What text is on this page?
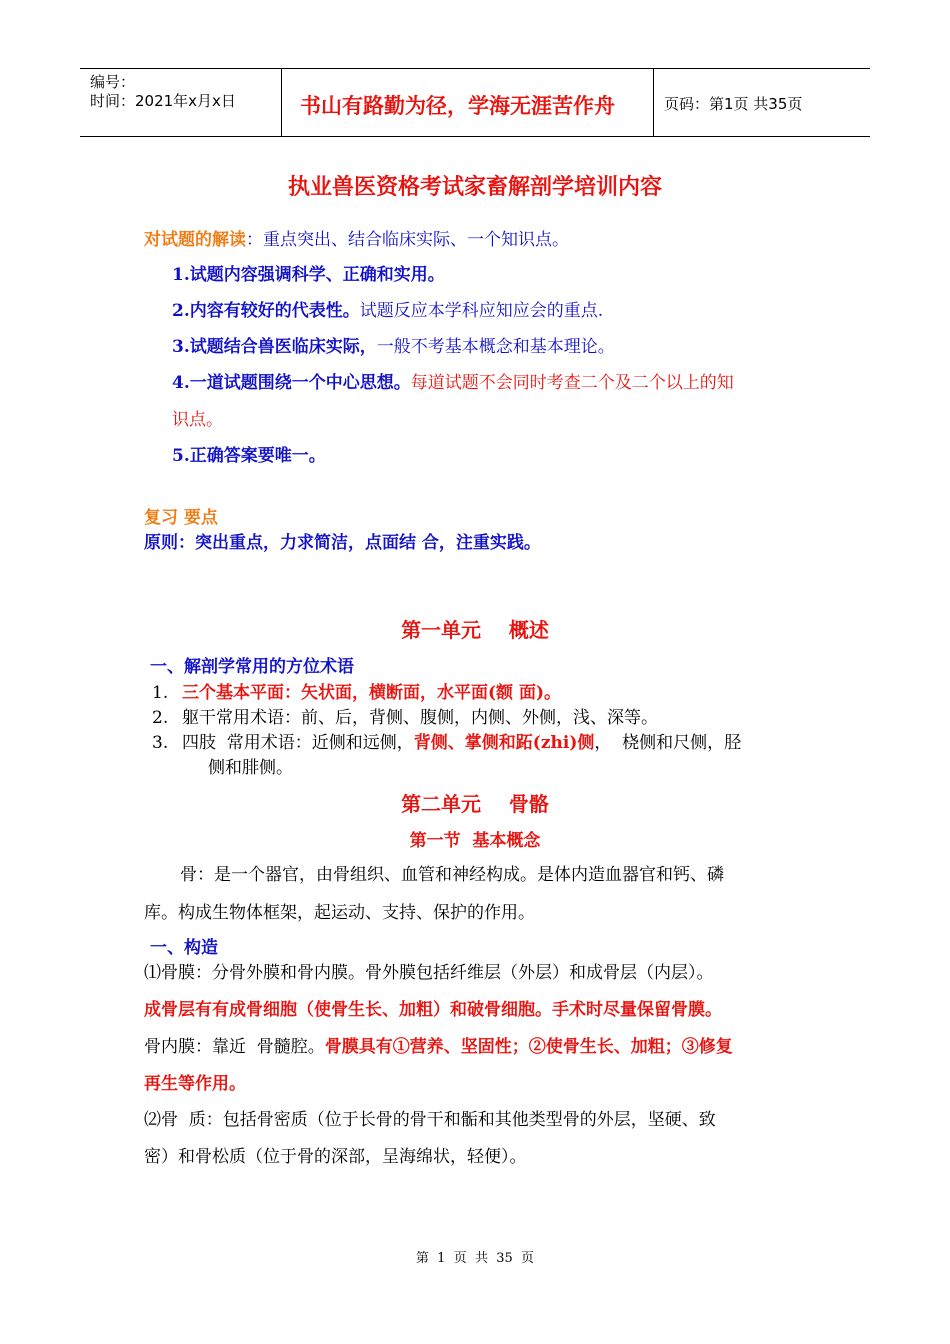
编号：
时间：2021年x月x日	书山有路勤为径，学海无涯苦作舟	页码：第1页 共35页
执业兽医资格考试家畜解剖学培训内容
对试题的解读：重点突出、结合临床实际、一个知识点。
1.试题内容强调科学、正确和实用。
2.内容有较好的代表性。试题反应本学科应知应会的重点.
3.试题结合兽医临床实际，一般不考基本概念和基本理论。
4.一道试题围绕一个中心思想。每道试题不会同时考查二个及二个以上的知
识点。
5.正确答案要唯一。
复习 要点
原则：突出重点，力求简洁，点面结 合，注重实践。
第一单元    概述
一、解剖学常用的方位术语
1. 三个基本平面：矢状面，横断面，水平面(额 面)。
2. 躯干常用术语：前、后，背侧、腹侧，内侧、外侧，浅、深等。
3. 四肢  常用术语：近侧和远侧，背侧、掌侧和跖(zhi)侧，  桡侧和尺侧，胫
侧和腓侧。
第二单元    骨骼
第一节  基本概念
骨：是一个器官，由骨组织、血管和神经构成。是体内造血器官和钙、磷
库。构成生物体框架，起运动、支持、保护的作用。
一、构造
⑴骨膜：分骨外膜和骨内膜。骨外膜包括纤维层（外层）和成骨层（内层）。
成骨层有有成骨细胞（使骨生长、加粗）和破骨细胞。手术时尽量保留骨膜。
骨内膜：靠近  骨髓腔。骨膜具有①营养、坚固性；②使骨生长、加粗；③修复
再生等作用。
⑵骨  质：包括骨密质（位于长骨的骨干和骺和其他类型骨的外层，坚硬、致
密）和骨松质（位于骨的深部，呈海绵状，轻便）。
第  1  页  共  35  页
